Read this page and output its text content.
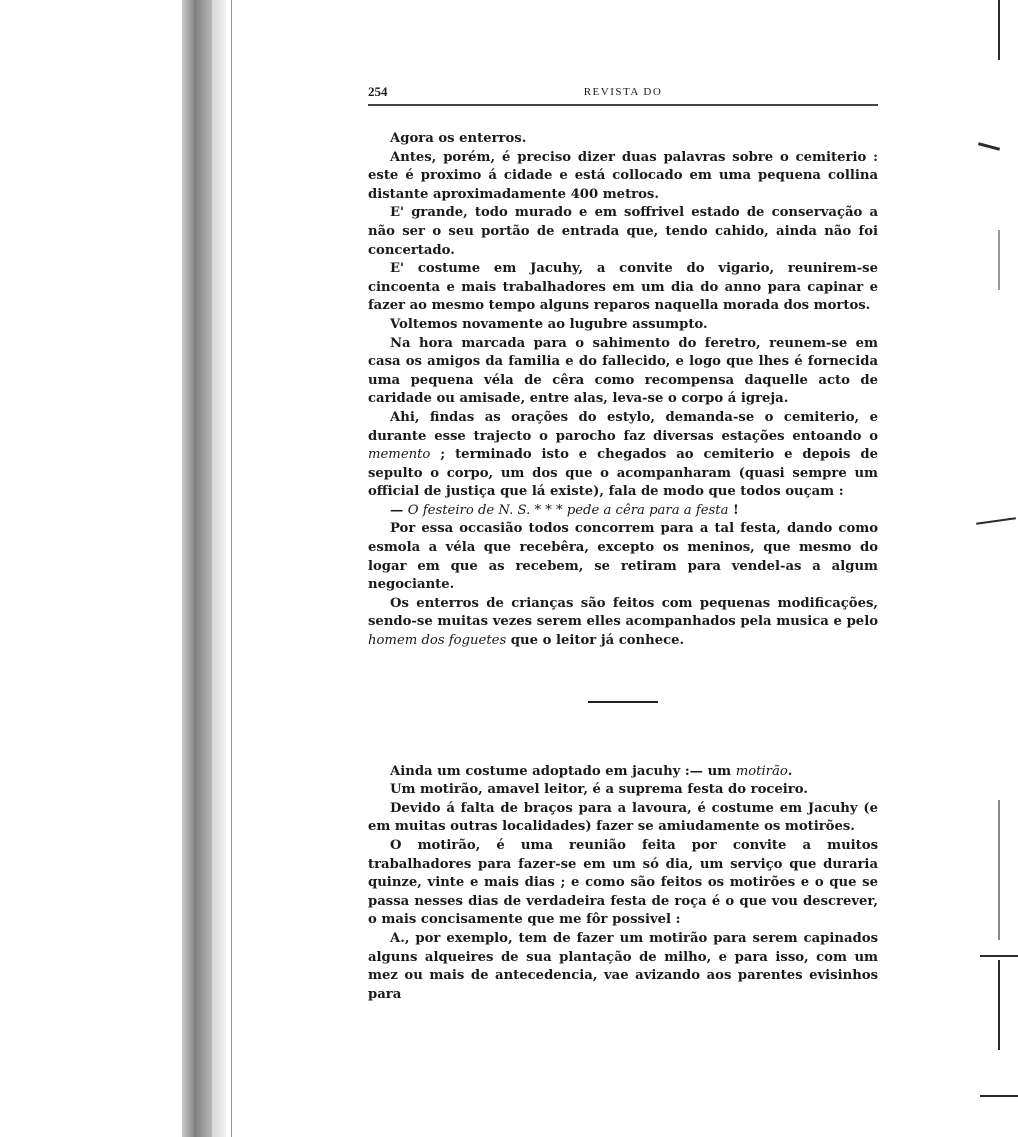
254	REVISTA DO

Agora os enterros.

Antes, porém, é preciso dizer duas palavras sobre o cemiterio : este é proximo á cidade e está collocado em uma pequena collina distante aproximadamente 400 metros.

E' grande, todo murado e em soffrivel estado de conservação a não ser o seu portão de entrada que, tendo cahido, ainda não foi concertado.

E' costume em Jacuhy, a convite do vigario, reunirem-se cincoenta e mais trabalhadores em um dia do anno para capinar e fazer ao mesmo tempo alguns reparos naquella morada dos mortos.

Voltemos novamente ao lugubre assumpto.

Na hora marcada para o sahimento do feretro, reunem-se em casa os amigos da familia e do fallecido, e logo que lhes é fornecida uma pequena véla de cêra como recompensa daquelle acto de caridade ou amisade, entre alas, leva-se o corpo á igreja.

Ahi, findas as orações do estylo, demanda-se o cemiterio, e durante esse trajecto o parocho faz diversas estações entoando o memento ; terminado isto e chegados ao cemiterio e depois de sepulto o corpo, um dos que o acompanharam (quasi sempre um official de justiça que lá existe), fala de modo que todos ouçam :

— O festeiro de N. S. * * * pede a cêra para a festa !

Por essa occasião todos concorrem para a tal festa, dando como esmola a véla que recebêra, excepto os meninos, que mesmo do logar em que as recebem, se retiram para vendel-as a algum negociante.

Os enterros de crianças são feitos com pequenas modificações, sendo-se muitas vezes serem elles acompanhados pela musica e pelo homem dos foguetes que o leitor já conhece.

Ainda um costume adoptado em jacuhy :— um motirão.

Um motirão, amavel leitor, é a suprema festa do roceiro.

Devido á falta de braços para a lavoura, é costume em Jacuhy (e em muitas outras localidades) fazer se amiudamente os motirões.

O motirão, é uma reunião feita por convite a muitos trabalhadores para fazer-se em um só dia, um serviço que duraria quinze, vinte e mais dias ; e como são feitos os motirões e o que se passa nesses dias de verdadeira festa de roça é o que vou descrever, o mais concisamente que me fôr possivel :

A., por exemplo, tem de fazer um motirão para serem capinados alguns alqueires de sua plantação de milho, e para isso, com um mez ou mais de antecedencia, vae avizando aos parentes evisinhos para
